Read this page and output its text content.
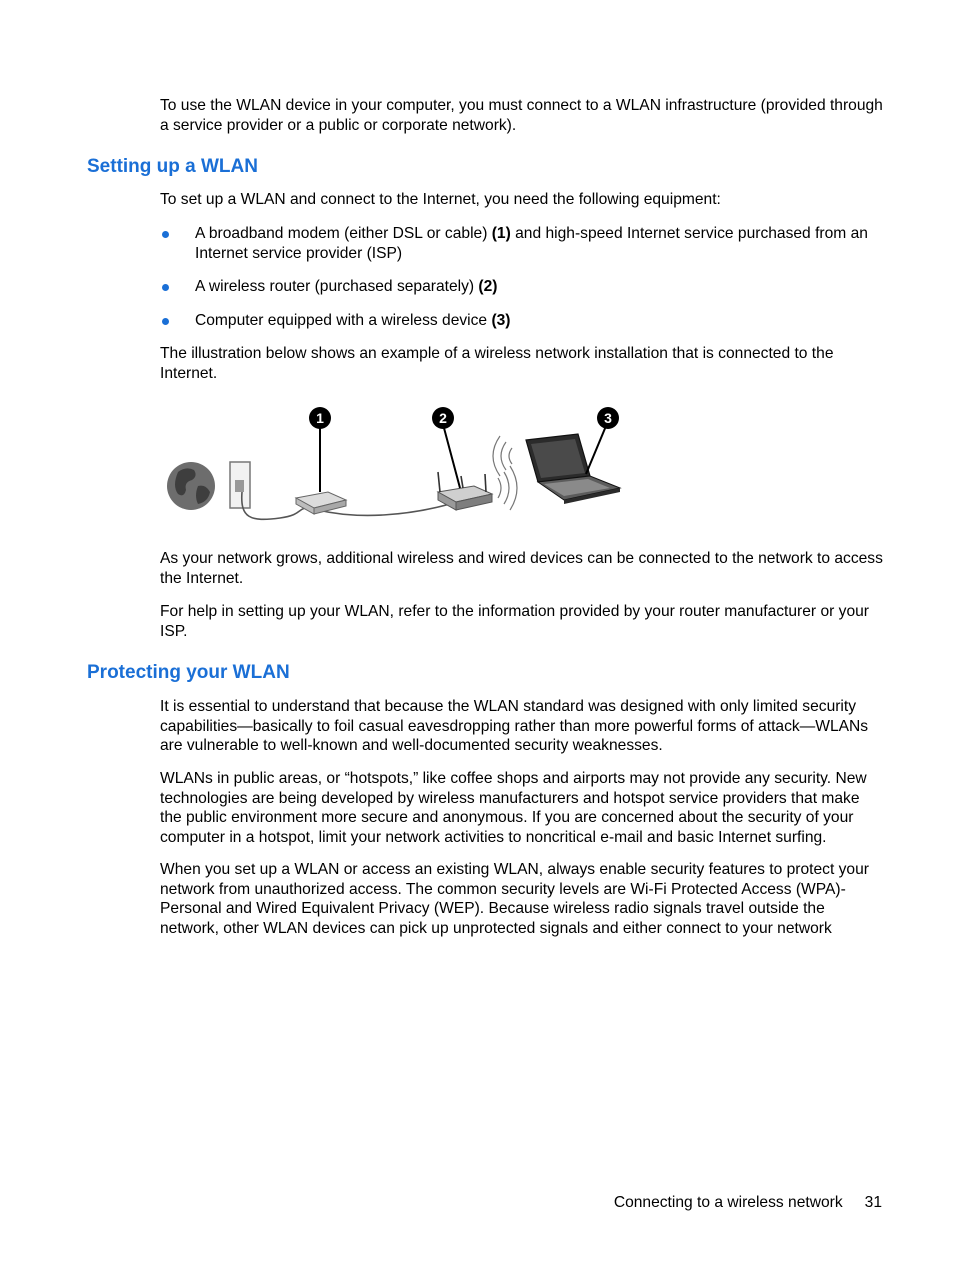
To use the WLAN device in your computer, you must connect to a WLAN infrastructure (provided through a service provider or a public or corporate network).

Setting up a WLAN

To set up a WLAN and connect to the Internet, you need the following equipment:

A broadband modem (either DSL or cable) (1) and high-speed Internet service purchased from an Internet service provider (ISP)
A wireless router (purchased separately) (2)
Computer equipped with a wireless device (3)

The illustration below shows an example of a wireless network installation that is connected to the Internet.

1	2	3

As your network grows, additional wireless and wired devices can be connected to the network to access the Internet.

For help in setting up your WLAN, refer to the information provided by your router manufacturer or your ISP.

Protecting your WLAN

It is essential to understand that because the WLAN standard was designed with only limited security capabilities—basically to foil casual eavesdropping rather than more powerful forms of attack—WLANs are vulnerable to well-known and well-documented security weaknesses.

WLANs in public areas, or “hotspots,” like coffee shops and airports may not provide any security. New technologies are being developed by wireless manufacturers and hotspot service providers that make the public environment more secure and anonymous. If you are concerned about the security of your computer in a hotspot, limit your network activities to noncritical e-mail and basic Internet surfing.

When you set up a WLAN or access an existing WLAN, always enable security features to protect your network from unauthorized access. The common security levels are Wi-Fi Protected Access (WPA)-Personal and Wired Equivalent Privacy (WEP). Because wireless radio signals travel outside the network, other WLAN devices can pick up unprotected signals and either connect to your network

Connecting to a wireless network 31
